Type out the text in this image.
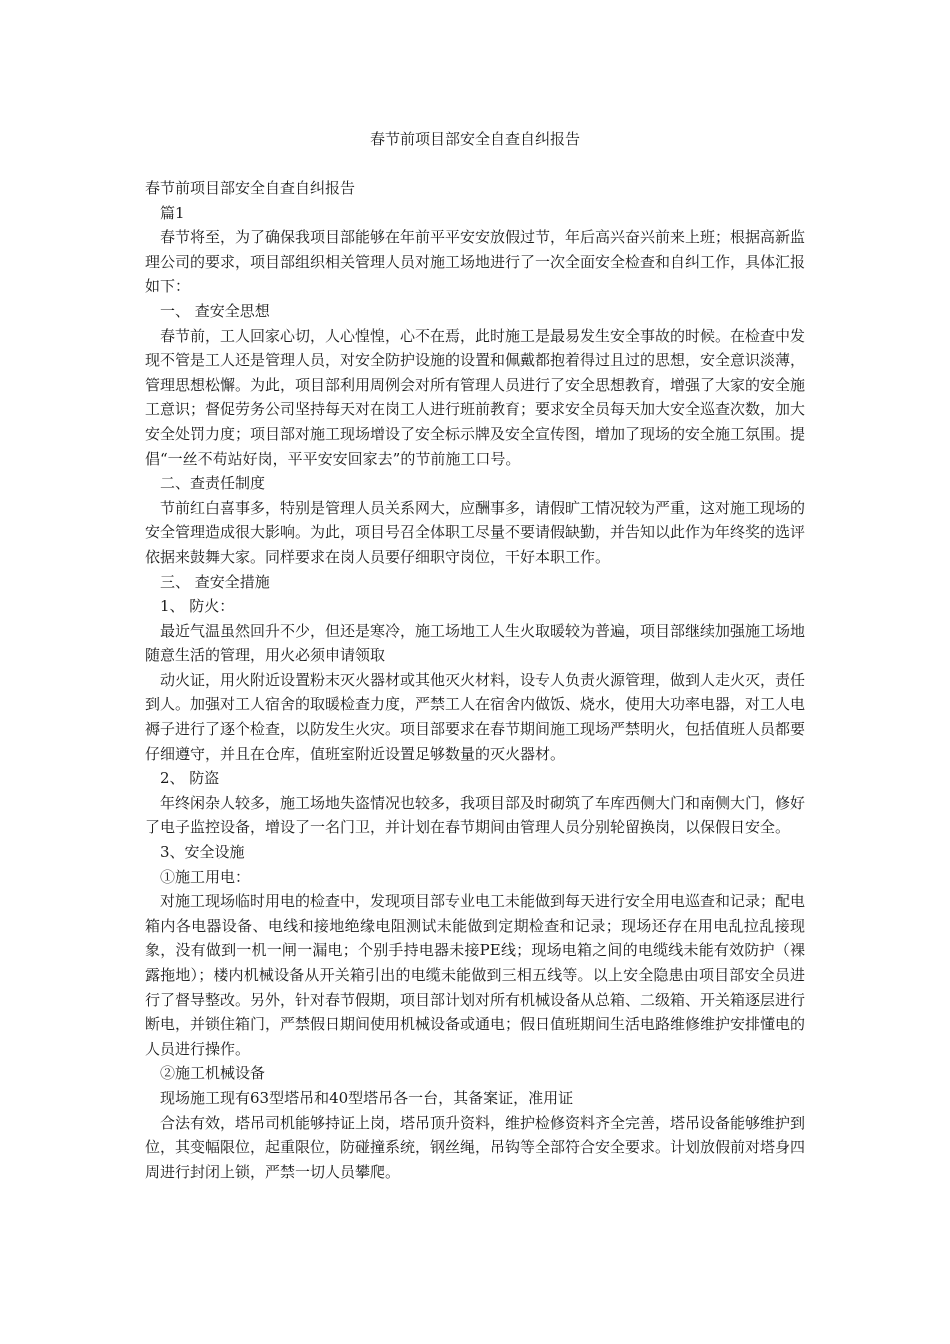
春节前项目部安全自查自纠报告

春节前项目部安全自查自纠报告

篇1

春节将至，为了确保我项目部能够在年前平平安安放假过节，年后高兴奋兴前来上班；根据高新监理公司的要求，项目部组织相关管理人员对施工场地进行了一次全面安全检查和自纠工作，具体汇报如下：

一、 查安全思想

春节前，工人回家心切，人心惶惶，心不在焉，此时施工是最易发生安全事故的时候。在检查中发现不管是工人还是管理人员，对安全防护设施的设置和佩戴都抱着得过且过的思想，安全意识淡薄，管理思想松懈。为此，项目部利用周例会对所有管理人员进行了安全思想教育，增强了大家的安全施工意识；督促劳务公司坚持每天对在岗工人进行班前教育；要求安全员每天加大安全巡查次数，加大安全处罚力度；项目部对施工现场增设了安全标示牌及安全宣传图，增加了现场的安全施工氛围。提倡“一丝不苟站好岗，平平安安回家去”的节前施工口号。

二、查责任制度

节前红白喜事多，特别是管理人员关系网大，应酬事多，请假旷工情况较为严重，这对施工现场的安全管理造成很大影响。为此，项目号召全体职工尽量不要请假缺勤，并告知以此作为年终奖的选评依据来鼓舞大家。同样要求在岗人员要仔细职守岗位，干好本职工作。

三、 查安全措施

1、 防火：

最近气温虽然回升不少，但还是寒冷，施工场地工人生火取暖较为普遍，项目部继续加强施工场地随意生活的管理，用火必须申请领取

动火证，用火附近设置粉末灭火器材或其他灭火材料，设专人负责火源管理，做到人走火灭，责任到人。加强对工人宿舍的取暖检查力度，严禁工人在宿舍内做饭、烧水，使用大功率电器，对工人电褥子进行了逐个检查，以防发生火灾。项目部要求在春节期间施工现场严禁明火，包括值班人员都要仔细遵守，并且在仓库，值班室附近设置足够数量的灭火器材。

2、 防盗

年终闲杂人较多，施工场地失盗情况也较多，我项目部及时砌筑了车库西侧大门和南侧大门，修好了电子监控设备，增设了一名门卫，并计划在春节期间由管理人员分别轮留换岗，以保假日安全。

3、安全设施

①施工用电：

对施工现场临时用电的检查中，发现项目部专业电工未能做到每天进行安全用电巡查和记录；配电箱内各电器设备、电线和接地绝缘电阻测试未能做到定期检查和记录；现场还存在用电乱拉乱接现象，没有做到一机一闸一漏电；个别手持电器未接PE线；现场电箱之间的电缆线未能有效防护（裸露拖地）；楼内机械设备从开关箱引出的电缆未能做到三相五线等。以上安全隐患由项目部安全员进行了督导整改。另外，针对春节假期，项目部计划对所有机械设备从总箱、二级箱、开关箱逐层进行断电，并锁住箱门，严禁假日期间使用机械设备或通电；假日值班期间生活电路维修维护安排懂电的人员进行操作。

②施工机械设备

现场施工现有63型塔吊和40型塔吊各一台，其备案证，准用证

合法有效，塔吊司机能够持证上岗，塔吊顶升资料，维护检修资料齐全完善，塔吊设备能够维护到位，其变幅限位，起重限位，防碰撞系统，钢丝绳，吊钩等全部符合安全要求。计划放假前对塔身四周进行封闭上锁，严禁一切人员攀爬。
